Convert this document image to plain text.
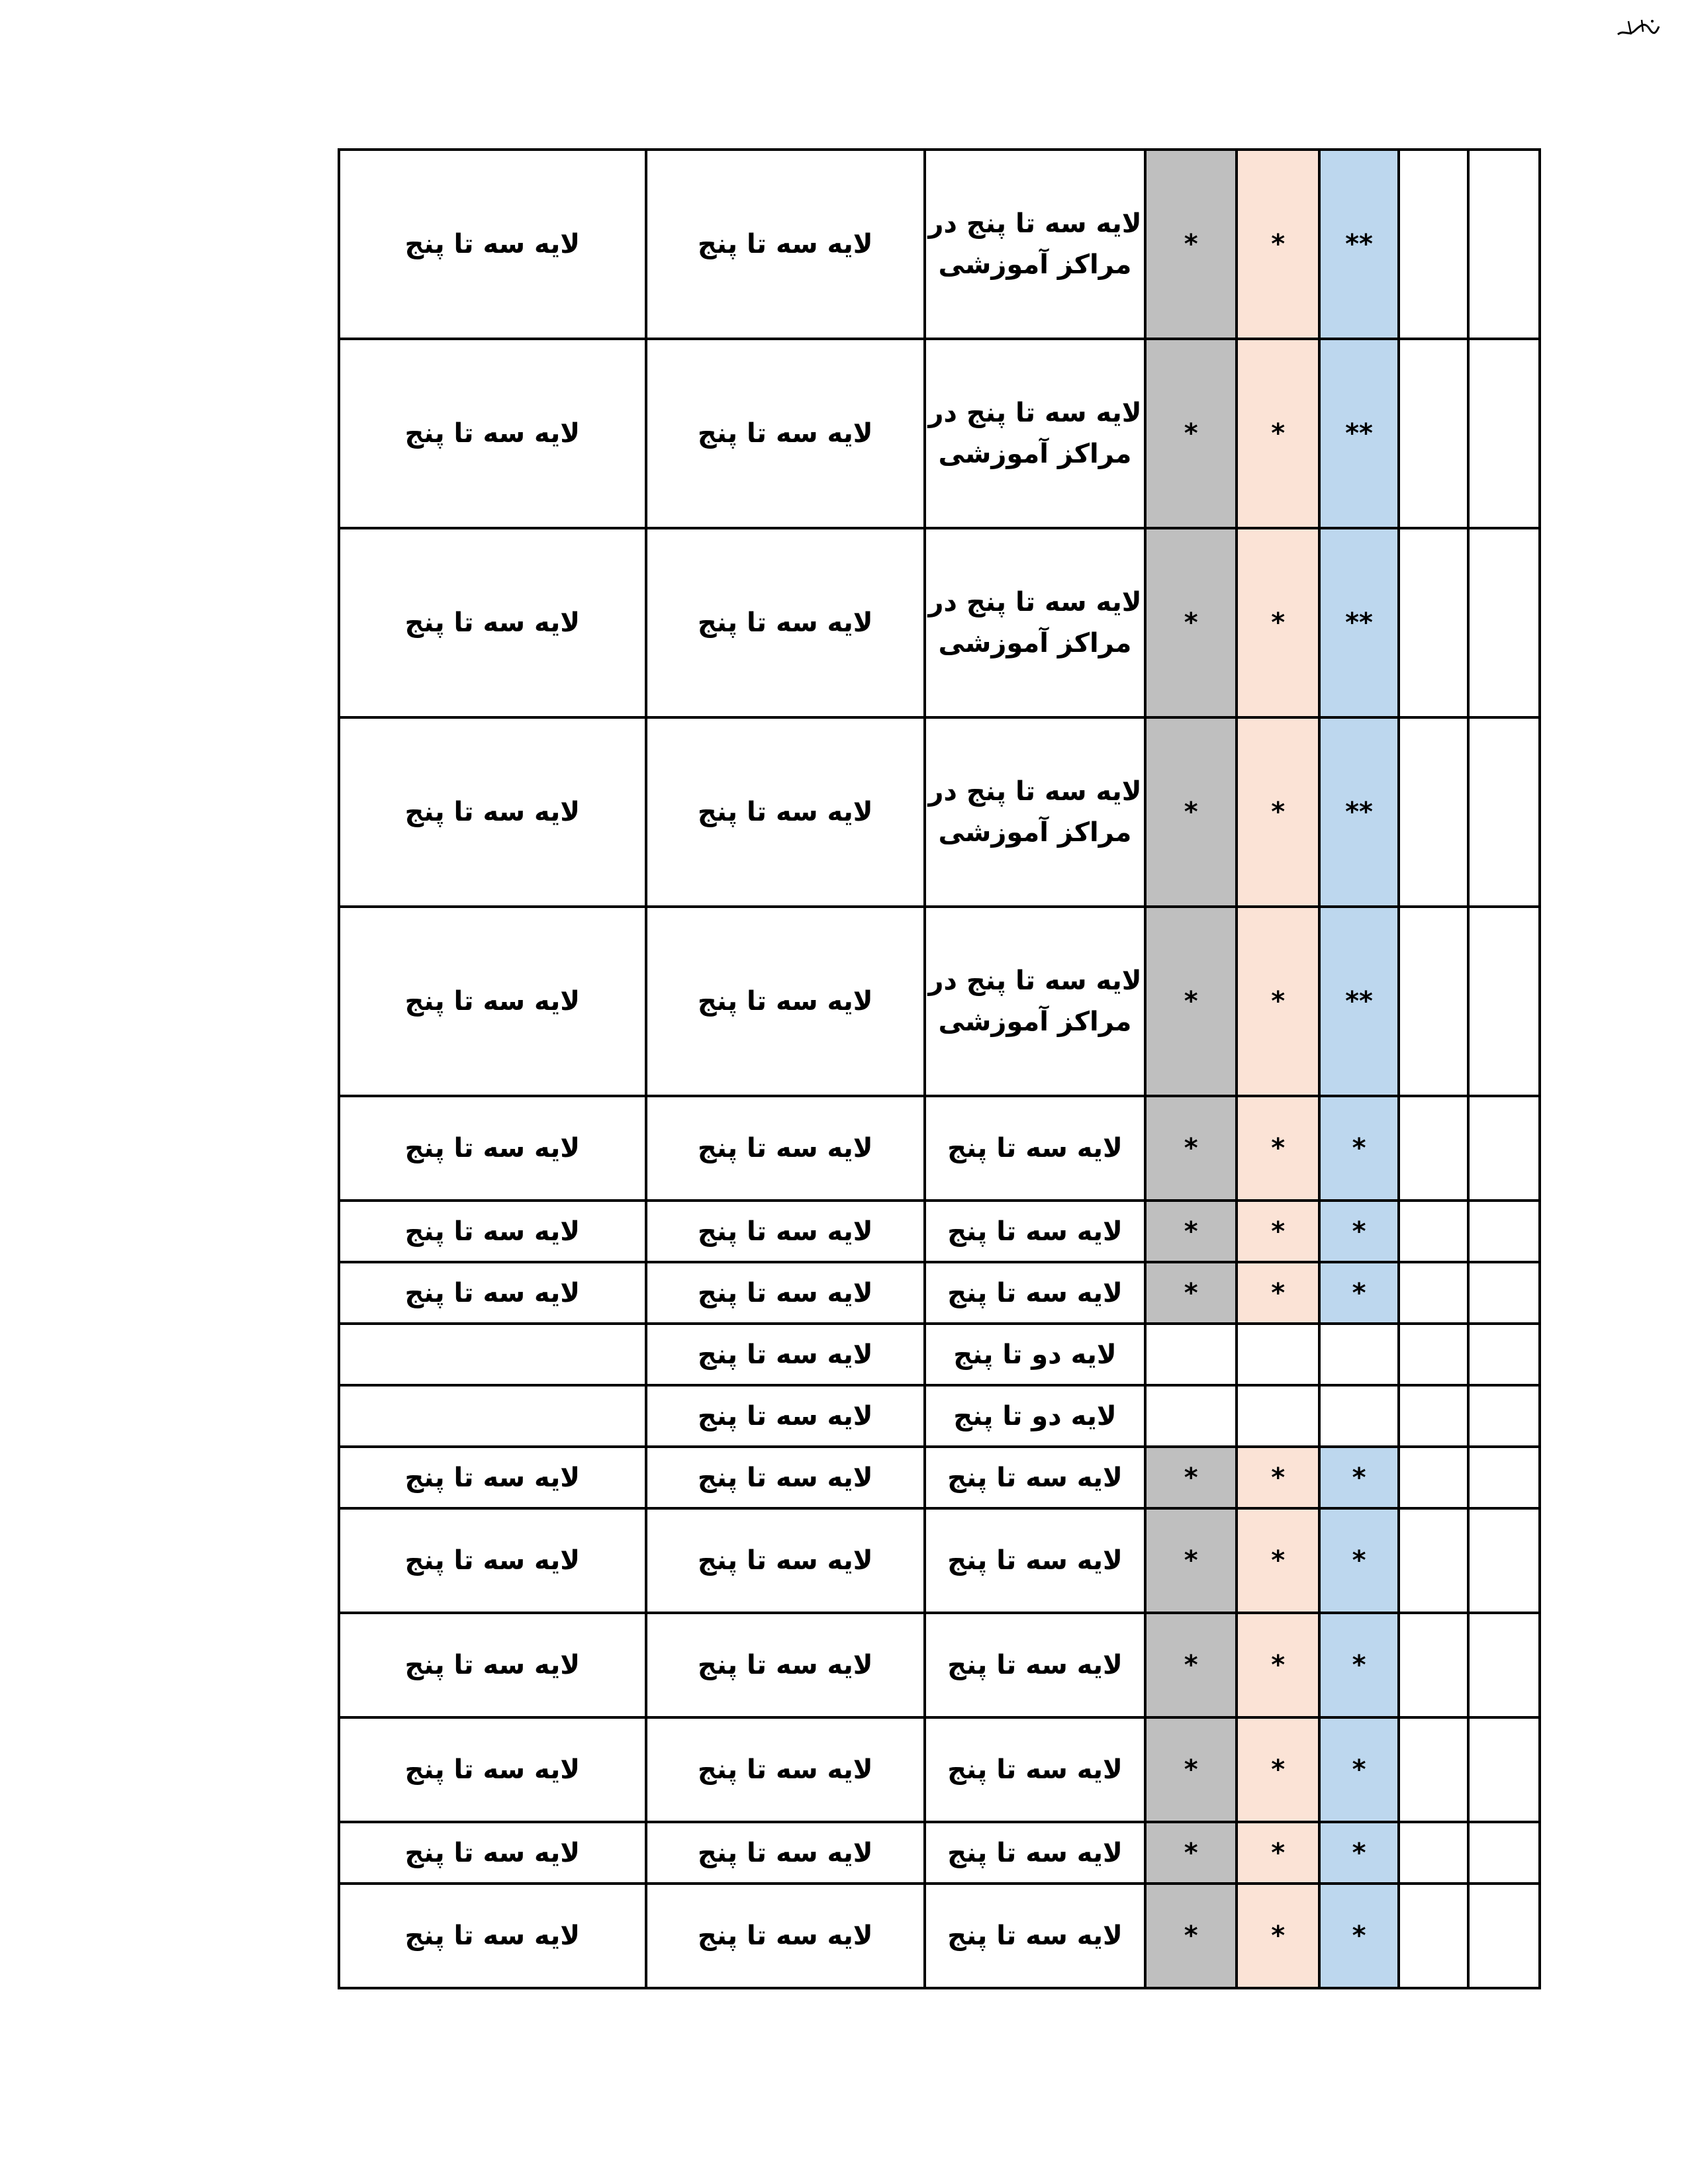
لایه سه تا پنج	لایه سه تا پنج	لایه سه تا پنج در مراکز آموزشی	*	*	**		
لایه سه تا پنج	لایه سه تا پنج	لایه سه تا پنج در مراکز آموزشی	*	*	**		
لایه سه تا پنج	لایه سه تا پنج	لایه سه تا پنج در مراکز آموزشی	*	*	**		
لایه سه تا پنج	لایه سه تا پنج	لایه سه تا پنج در مراکز آموزشی	*	*	**		
لایه سه تا پنج	لایه سه تا پنج	لایه سه تا پنج در مراکز آموزشی	*	*	**		
لایه سه تا پنج	لایه سه تا پنج	لایه سه تا پنج	*	*	*		
لایه سه تا پنج	لایه سه تا پنج	لایه سه تا پنج	*	*	*		
لایه سه تا پنج	لایه سه تا پنج	لایه سه تا پنج	*	*	*		
	لایه سه تا پنج	لایه دو تا پنج					
	لایه سه تا پنج	لایه دو تا پنج					
لایه سه تا پنج	لایه سه تا پنج	لایه سه تا پنج	*	*	*		
لایه سه تا پنج	لایه سه تا پنج	لایه سه تا پنج	*	*	*		
لایه سه تا پنج	لایه سه تا پنج	لایه سه تا پنج	*	*	*		
لایه سه تا پنج	لایه سه تا پنج	لایه سه تا پنج	*	*	*		
لایه سه تا پنج	لایه سه تا پنج	لایه سه تا پنج	*	*	*		
لایه سه تا پنج	لایه سه تا پنج	لایه سه تا پنج	*	*	*		
